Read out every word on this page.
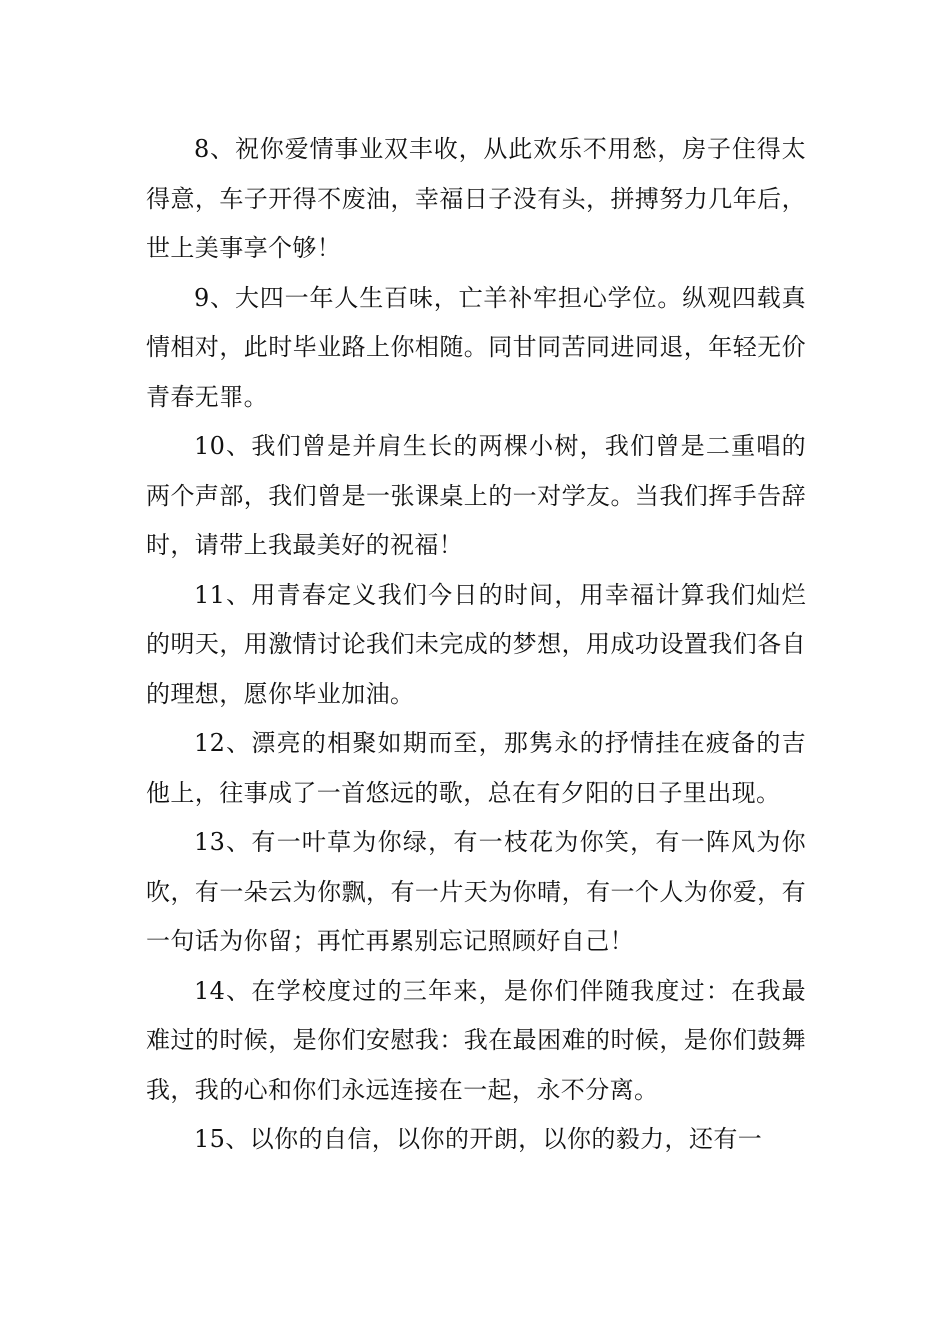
8、祝你爱情事业双丰收，从此欢乐不用愁，房子住得太得意，车子开得不废油，幸福日子没有头，拼搏努力几年后，世上美事享个够！

9、大四一年人生百味，亡羊补牢担心学位。纵观四载真情相对，此时毕业路上你相随。同甘同苦同进同退，年轻无价青春无罪。

10、我们曾是并肩生长的两棵小树，我们曾是二重唱的两个声部，我们曾是一张课桌上的一对学友。当我们挥手告辞时，请带上我最美好的祝福！

11、用青春定义我们今日的时间，用幸福计算我们灿烂的明天，用激情讨论我们未完成的梦想，用成功设置我们各自的理想，愿你毕业加油。

12、漂亮的相聚如期而至，那隽永的抒情挂在疲备的吉他上，往事成了一首悠远的歌，总在有夕阳的日子里出现。

13、有一叶草为你绿，有一枝花为你笑，有一阵风为你吹，有一朵云为你飘，有一片天为你晴，有一个人为你爱，有一句话为你留；再忙再累别忘记照顾好自己！

14、在学校度过的三年来，是你们伴随我度过：在我最难过的时候，是你们安慰我：我在最困难的时候，是你们鼓舞我，我的心和你们永远连接在一起，永不分离。

15、以你的自信，以你的开朗，以你的毅力，还有一
